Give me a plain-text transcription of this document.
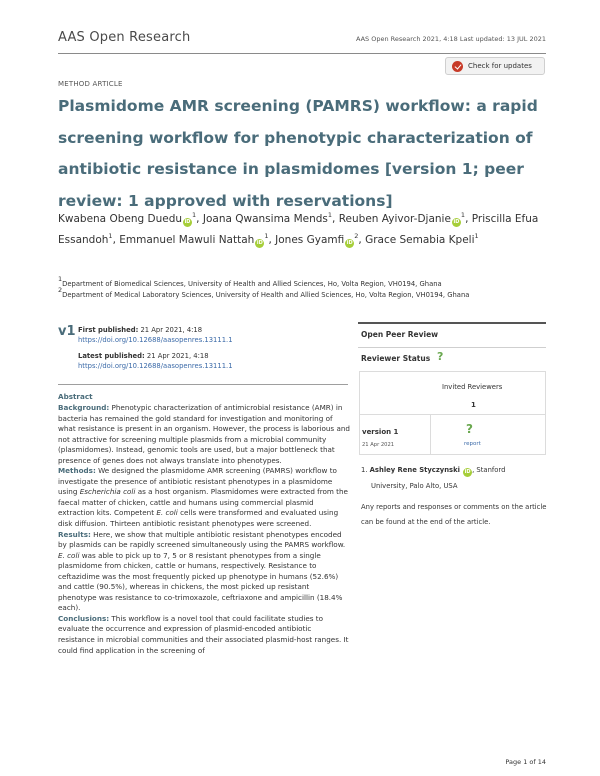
AAS Open Research	AAS Open Research 2021, 4:18 Last updated: 13 JUL 2021
METHOD ARTICLE
Check for updates
Plasmidome AMR screening (PAMRS) workflow: a rapid screening workflow for phenotypic characterization of antibiotic resistance in plasmidomes [version 1; peer review: 1 approved with reservations]
Kwabena Obeng Duedu $iD^1$, Joana Qwansima Mends$^1$, Reuben Ayivor-Djanie $iD^1$, Priscilla Efua Essandoh$^1$, Emmanuel Mawuli Nattah $iD^1$, Jones Gyamfi $iD^2$, Grace Semabia Kpeli$^1$

$^1$Department of Biomedical Sciences, University of Health and Allied Sciences, Ho, Volta Region, VH0194, Ghana

$^2$Department of Medical Laboratory Sciences, University of Health and Allied Sciences, Ho, Volta Region, VH0194, Ghana

v1 First published: 21 Apr 2021, 4:18
https://doi.org/10.12688/aasopenres.13111.1
Latest published: 21 Apr 2021, 4:18
https://doi.org/10.12688/aasopenres.13111.1
Abstract

Background: Phenotypic characterization of antimicrobial resistance (AMR) in bacteria has remained the gold standard for investigation and monitoring of what resistance is present in an organism. However, the process is laborious and not attractive for screening multiple plasmids from a microbial community (plasmidomes). Instead, genomic tools are used, but a major bottleneck that presence of genes does not always translate into phenotypes.

Methods: We designed the plasmidome AMR screening (PAMRS) workflow to investigate the presence of antibiotic resistant phenotypes in a plasmidome using Escherichia coli as a host organism. Plasmidomes were extracted from the faecal matter of chicken, cattle and humans using commercial plasmid extraction kits. Competent E. coli cells were transformed and evaluated using disk diffusion. Thirteen antibiotic resistant phenotypes were screened.

Results: Here, we show that multiple antibiotic resistant phenotypes encoded by plasmids can be rapidly screened simultaneously using the PAMRS workflow. E. coli was able to pick up to 7, 5 or 8 resistant phenotypes from a single plasmidome from chicken, cattle or humans, respectively. Resistance to ceftazidime was the most frequently picked up phenotype in humans (52.6%) and cattle (90.5%), whereas in chickens, the most picked up resistant phenotype was resistance to co-trimoxazole, ceftriaxone and ampicillin (18.4% each).

Conclusions: This workflow is a novel tool that could facilitate studies to evaluate the occurrence and expression of plasmid-encoded antibiotic resistance in microbial communities and their associated plasmid-host ranges. It could find application in the screening of

Open Peer Review
Reviewer Status ?
Invited Reviewers
1
version 1
21 Apr 2021
?
report
1. Ashley Rene Styczynski iD , Stanford
University, Palo Alto, USA
Any reports and responses or comments on the article can be found at the end of the article.
Page 1 of 14
